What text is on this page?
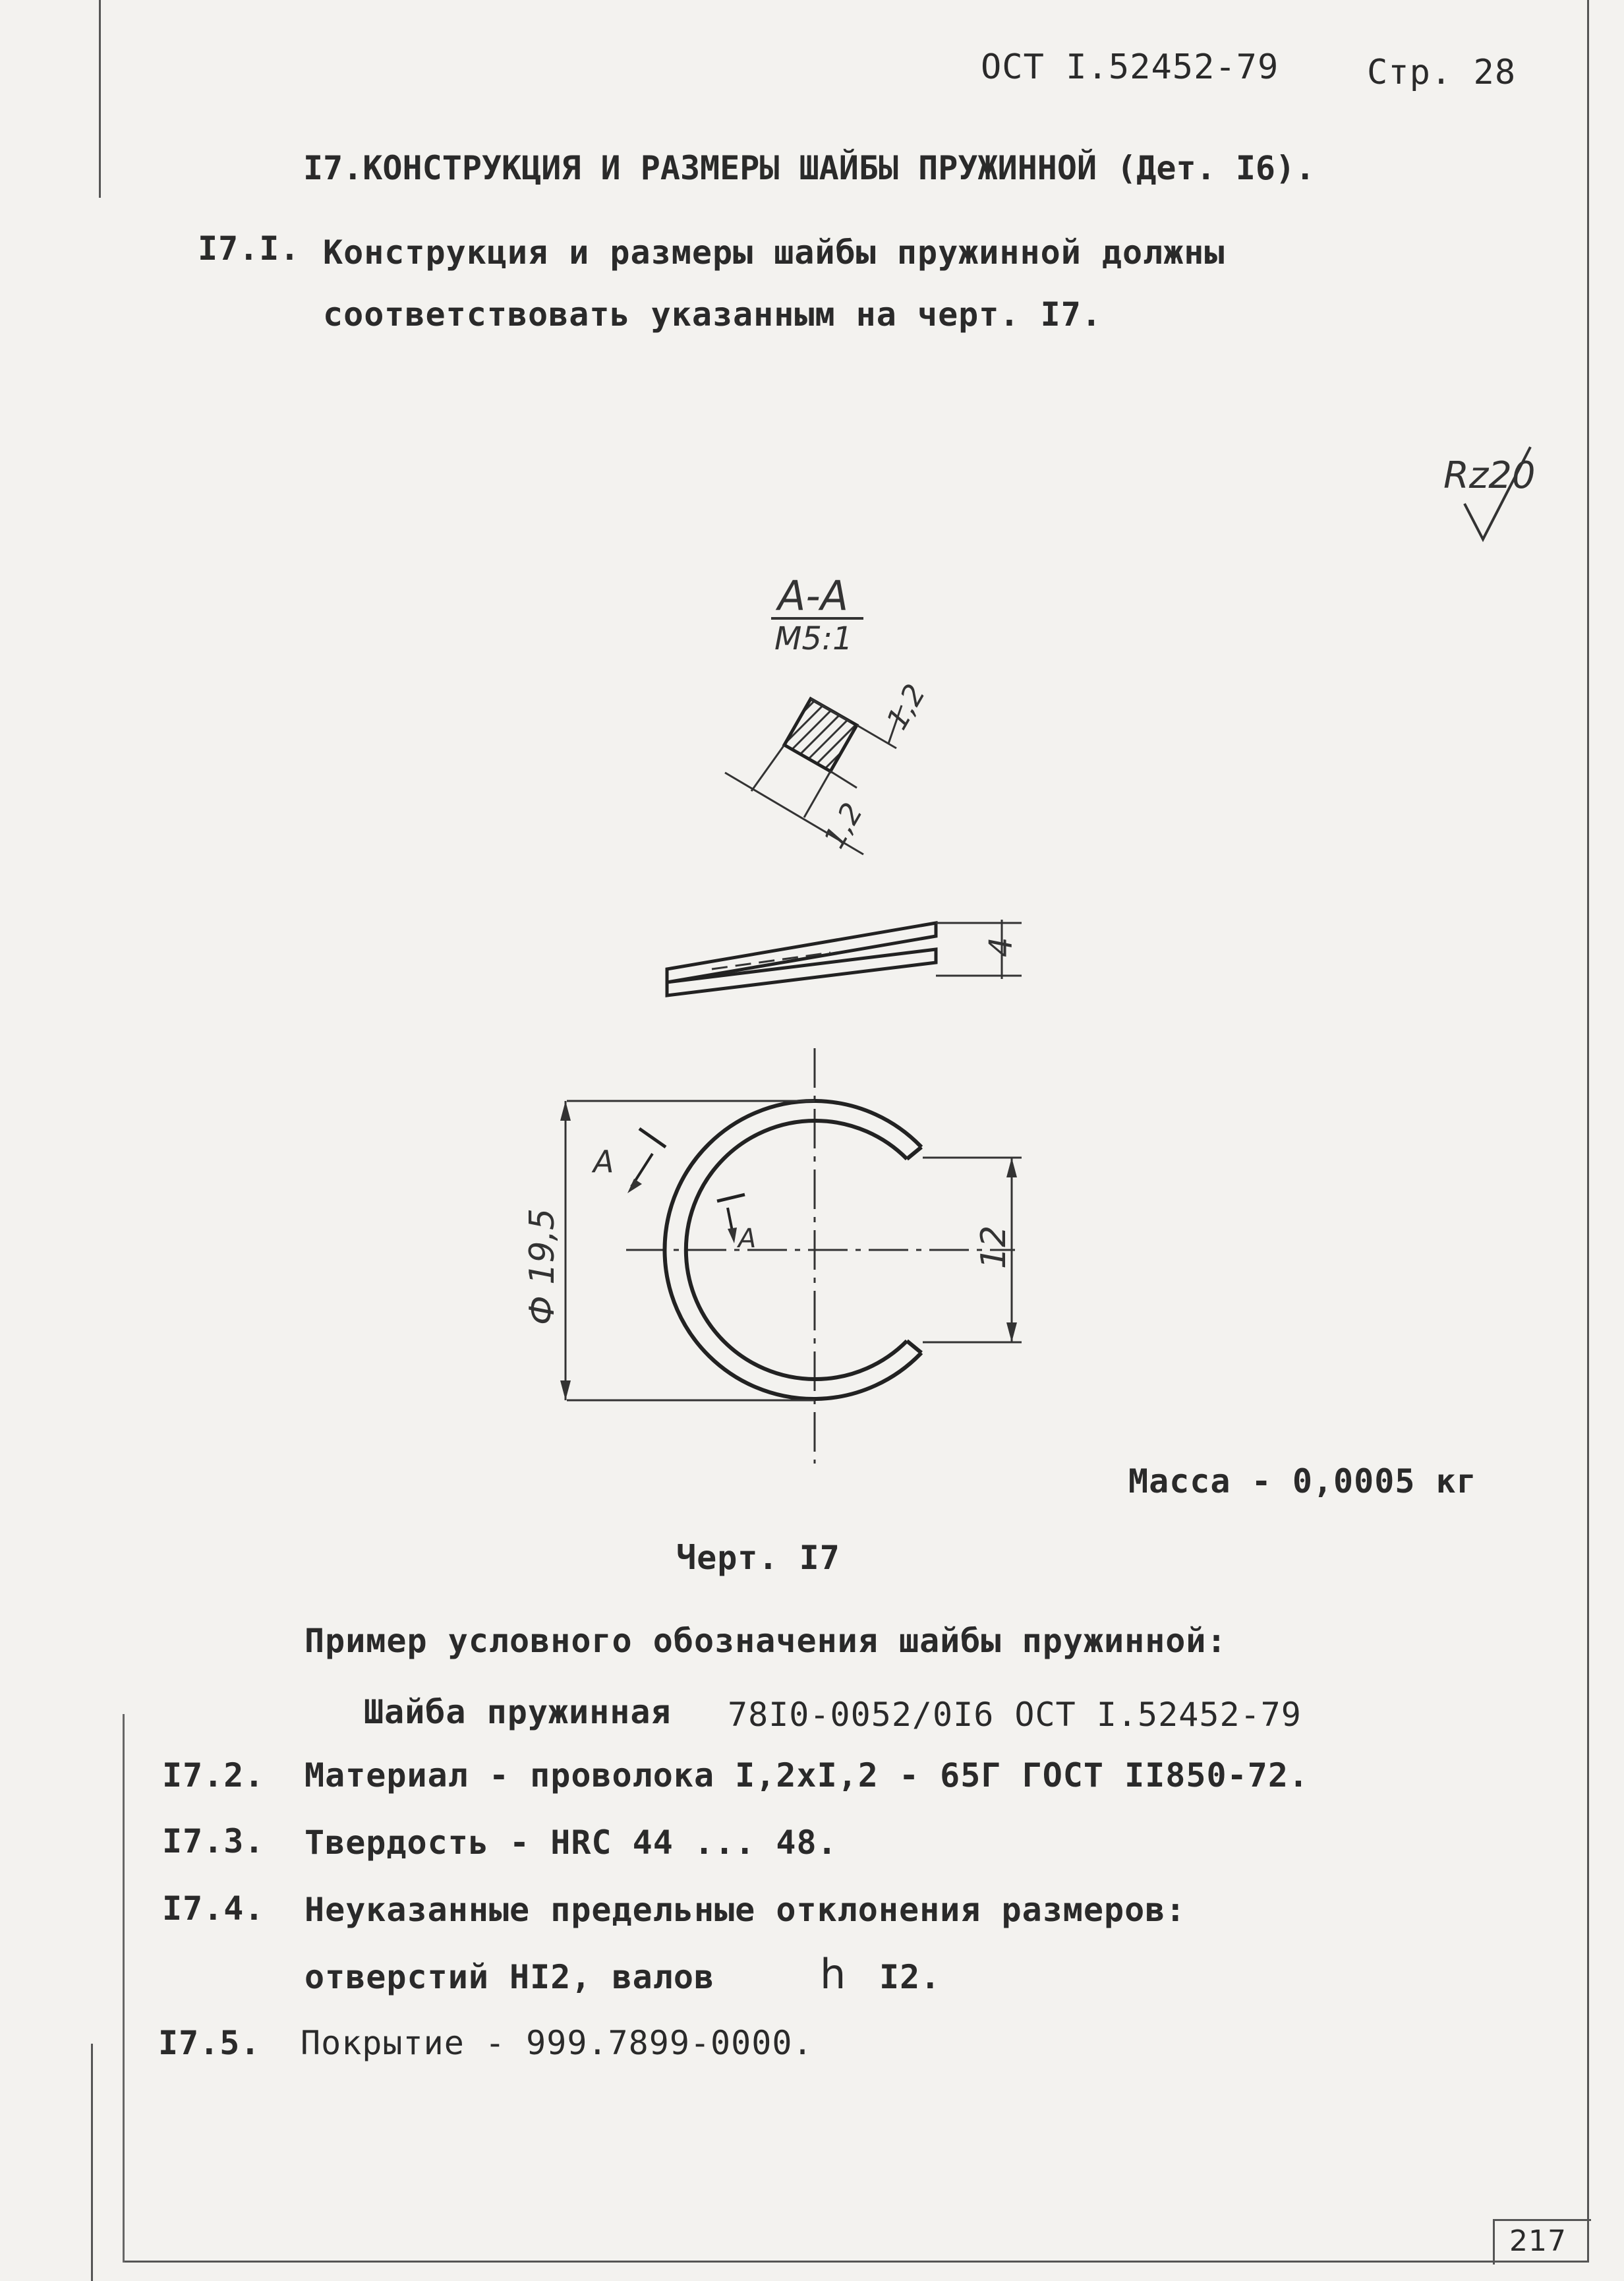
ОСТ I.52452-79	Стр. 28
I7.КОНСТРУКЦИЯ И РАЗМЕРЫ ШАЙБЫ ПРУЖИННОЙ (Дет. I6).
I7.I. Конструкция и размеры шайбы пружинной должны
соответствовать указанным на черт. I7.
Rz20
А-А
M5:1
1,2
1,2
4
Ф 19,5	12
А
А
Масса - 0,0005 кг
Черт. I7
Пример условного обозначения шайбы пружинной:
Шайба пружинная 78I0-0052/0I6 ОСТ I.52452-79
I7.2. Материал - проволока I,2хI,2 - 65Г ГОСТ II850-72.
I7.3. Твердость - НRC 44 ... 48.
I7.4. Неуказанные предельные отклонения размеров:
отверстий НI2, валов	h I2.
I7.5. Покрытие - 999.7899-0000.
217
